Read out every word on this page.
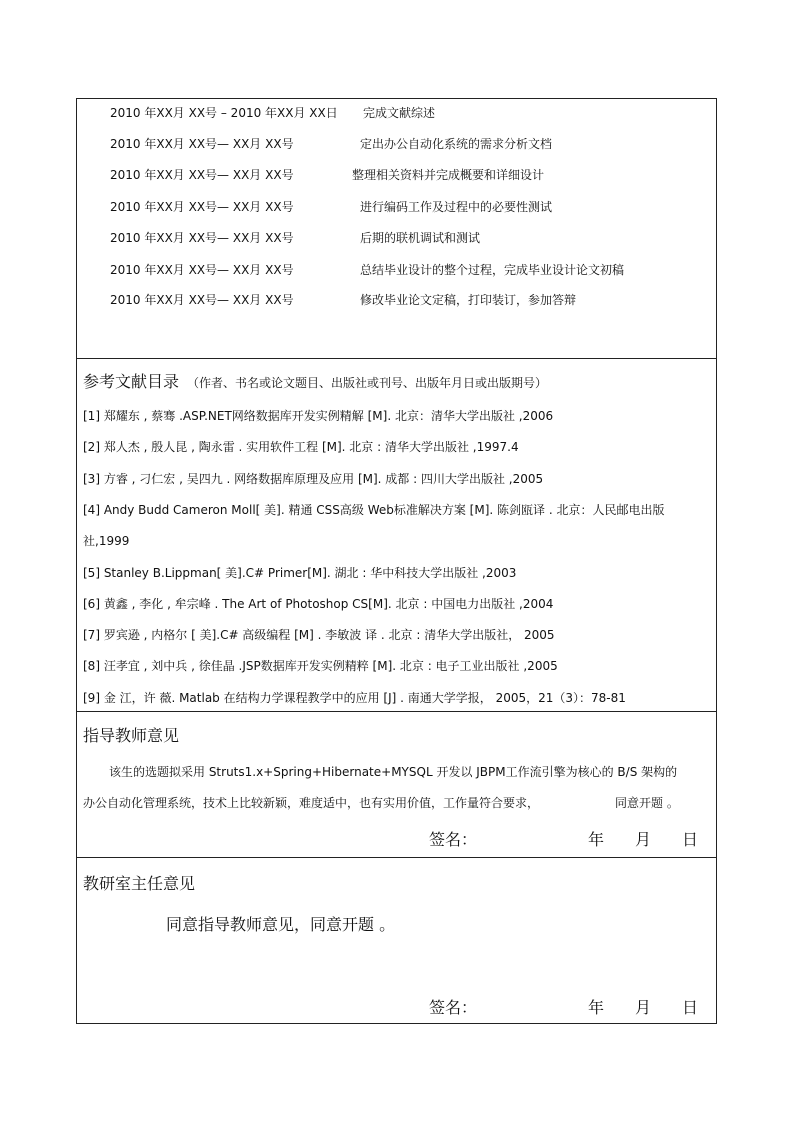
2010 年XX月 XX号 – 2010 年XX月 XX日 完成文献综述
2010 年XX月 XX号— XX月 XX号	定出办公自动化系统的需求分析文档
2010 年XX月 XX号— XX月 XX号	整理相关资料并完成概要和详细设计
2010 年XX月 XX号— XX月 XX号	进行编码工作及过程中的必要性测试
2010 年XX月 XX号— XX月 XX号	后期的联机调试和测试
2010 年XX月 XX号— XX月 XX号	总结毕业设计的整个过程，完成毕业设计论文初稿
2010 年XX月 XX号— XX月 XX号	修改毕业论文定稿，打印装订，参加答辩
参考文献目录 （作者、书名或论文题目、出版社或刊号、出版年月日或出版期号）
[1] 郑耀东 , 蔡骞 .ASP.NET网络数据库开发实例精解 [M]. 北京：清华大学出版社 ,2006
[2] 郑人杰 , 殷人昆 , 陶永雷 . 实用软件工程 [M]. 北京 : 清华大学出版社 ,1997.4
[3] 方睿 , 刁仁宏 , 吴四九 . 网络数据库原理及应用 [M]. 成都 : 四川大学出版社 ,2005
[4] Andy Budd Cameron Moll[ 美]. 精通 CSS高级 Web标准解决方案 [M]. 陈剑瓯译 . 北京：人民邮电出版
社,1999
[5] Stanley B.Lippman[ 美].C# Primer[M]. 湖北 : 华中科技大学出版社 ,2003
[6] 黄鑫 , 李化 , 牟宗峰 . The Art of Photoshop CS[M]. 北京 : 中国电力出版社 ,2004
[7] 罗宾逊 , 内格尔 [ 美].C# 高级编程 [M] . 李敏波 译 . 北京 : 清华大学出版社， 2005
[8] 汪孝宜 , 刘中兵 , 徐佳晶 .JSP数据库开发实例精粹 [M]. 北京 : 电子工业出版社 ,2005
[9] 金 江，许 薇. Matlab 在结构力学课程教学中的应用 [J] . 南通大学学报， 2005，21（3）：78-81
指导教师意见
该生的选题拟采用 Struts1.x+Spring+Hibernate+MYSQL 开发以 JBPM工作流引擎为核心的 B/S 架构的
办公自动化管理系统，技术上比较新颖，难度适中，也有实用价值，工作量符合要求，	同意开题 。
签名：	年 月 日
教研室主任意见
同意指导教师意见，同意开题 。
签名：	年 月 日
